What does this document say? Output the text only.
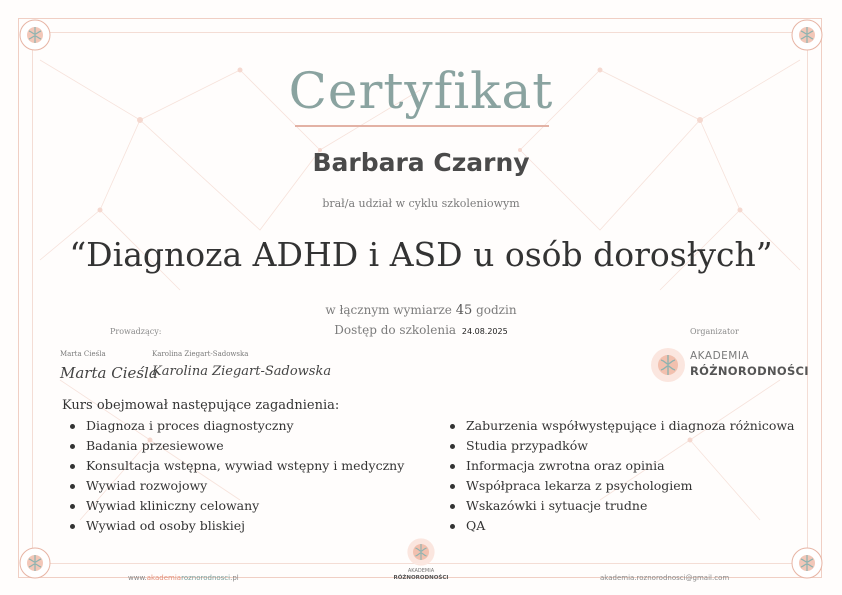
Certyfikat
Barbara Czarny
brał/a udział w cyklu szkoleniowym
“Diagnoza ADHD i ASD u osób dorosłych”
w łącznym wymiarze 45 godzin
Dostęp do szkolenia 24.08.2025
Prowadzący:
Marta Cieśla	Karolina Ziegart-Sadowska
Marta Cieśla
Karolina Ziegart-Sadowska
Organizator
AKADEMIA
RÓŻNORODNOŚCI
Kurs obejmował następujące zagadnienia:
Diagnoza i proces diagnostyczny
Badania przesiewowe
Konsultacja wstępna, wywiad wstępny i medyczny
Wywiad rozwojowy
Wywiad kliniczny celowany
Wywiad od osoby bliskiej
Zaburzenia współwystępujące i diagnoza różnicowa
Studia przypadków
Informacja zwrotna oraz opinia
Współpraca lekarza z psychologiem
Wskazówki i sytuacje trudne
QA
www.akademiaroznorodnosci.pl
AKADEMIA
RÓŻNORODNOŚCI	akademia.roznorodnosci@gmail.com
